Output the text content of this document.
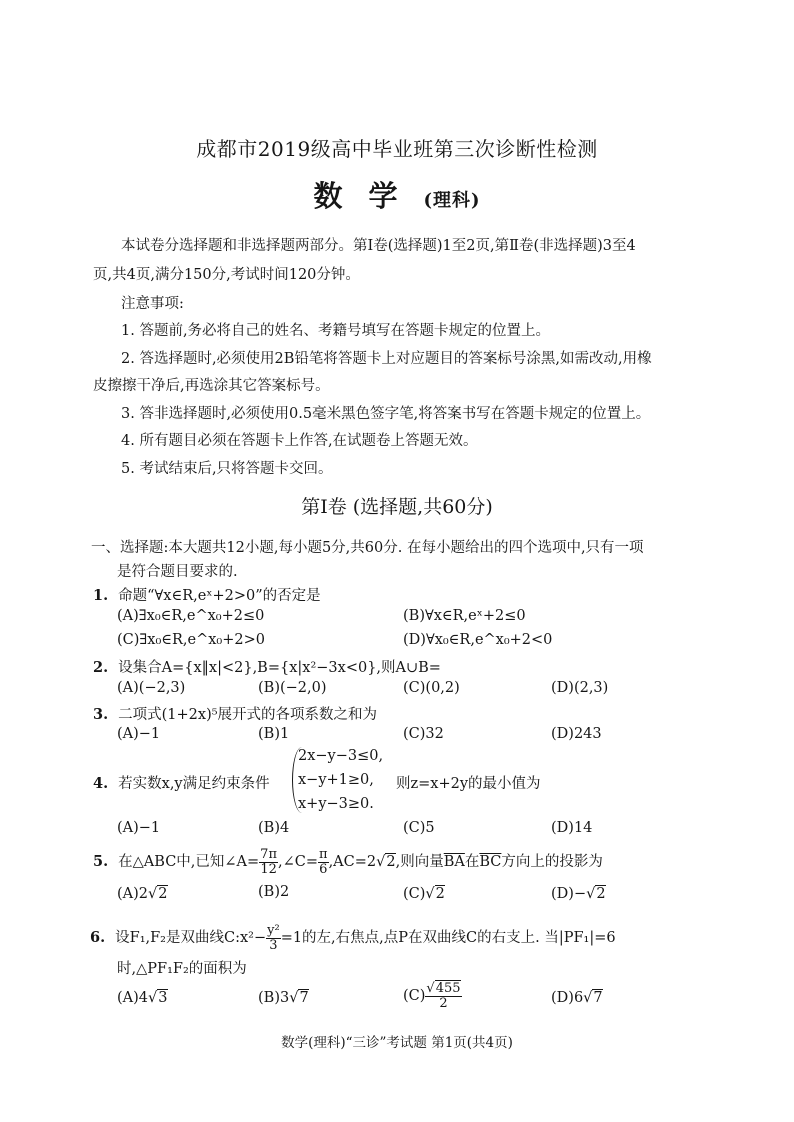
成都市2019级高中毕业班第三次诊断性检测
数学(理科)
本试卷分选择题和非选择题两部分。第Ⅰ卷(选择题)1至2页,第Ⅱ卷(非选择题)3至4
页,共4页,满分150分,考试时间120分钟。
注意事项:
1. 答题前,务必将自己的姓名、考籍号填写在答题卡规定的位置上。
2. 答选择题时,必须使用2B铅笔将答题卡上对应题目的答案标号涂黑,如需改动,用橡
皮擦擦干净后,再选涂其它答案标号。
3. 答非选择题时,必须使用0.5毫米黑色签字笔,将答案书写在答题卡规定的位置上。
4. 所有题目必须在答题卡上作答,在试题卷上答题无效。
5. 考试结束后,只将答题卡交回。
第Ⅰ卷 (选择题,共60分)
一、选择题:本大题共12小题,每小题5分,共60分. 在每小题给出的四个选项中,只有一项
是符合题目要求的.
1. 命题“∀x∈R,eˣ+2>0”的否定是
(A)∃x₀∈R,e^x₀+2≤0	(B)∀x∈R,eˣ+2≤0
(C)∃x₀∈R,e^x₀+2>0	(D)∀x₀∈R,e^x₀+2<0
2. 设集合A={x‖x|<2},B={x|x²−3x<0},则A∪B=
(A)(−2,3)	(B)(−2,0)	(C)(0,2)	(D)(2,3)
3. 二项式(1+2x)⁵展开式的各项系数之和为
(A)−1	(B)1	(C)32	(D)243
4. 若实数x,y满足约束条件
2x−y−3≤0,
x−y+1≥0,
x+y−3≥0.
则z=x+2y的最小值为
(A)−1	(B)4	(C)5	(D)14
5. 在△ABC中,已知∠A= $\frac{7\pi}{12}$ ,∠C= $\frac{\pi}{6} ,AC=2√2$,则向量$\overline{BA}$在$\overline{BC}$方向上的投影为
(A)2√2	(B)2	(C)√2	(D)−√2
6. 设F₁,F₂是双曲线C:x²− $\frac{\text{y²}}{3} =1$的左,右焦点,点P在双曲线C的右支上. 当|PF₁|=6
时,△PF₁F₂的面积为
(A)4√3	(B)3√7	$(C) \frac{√455}{2}$	(D)6√7
数学(理科)“三诊”考试题 第1页(共4页)
